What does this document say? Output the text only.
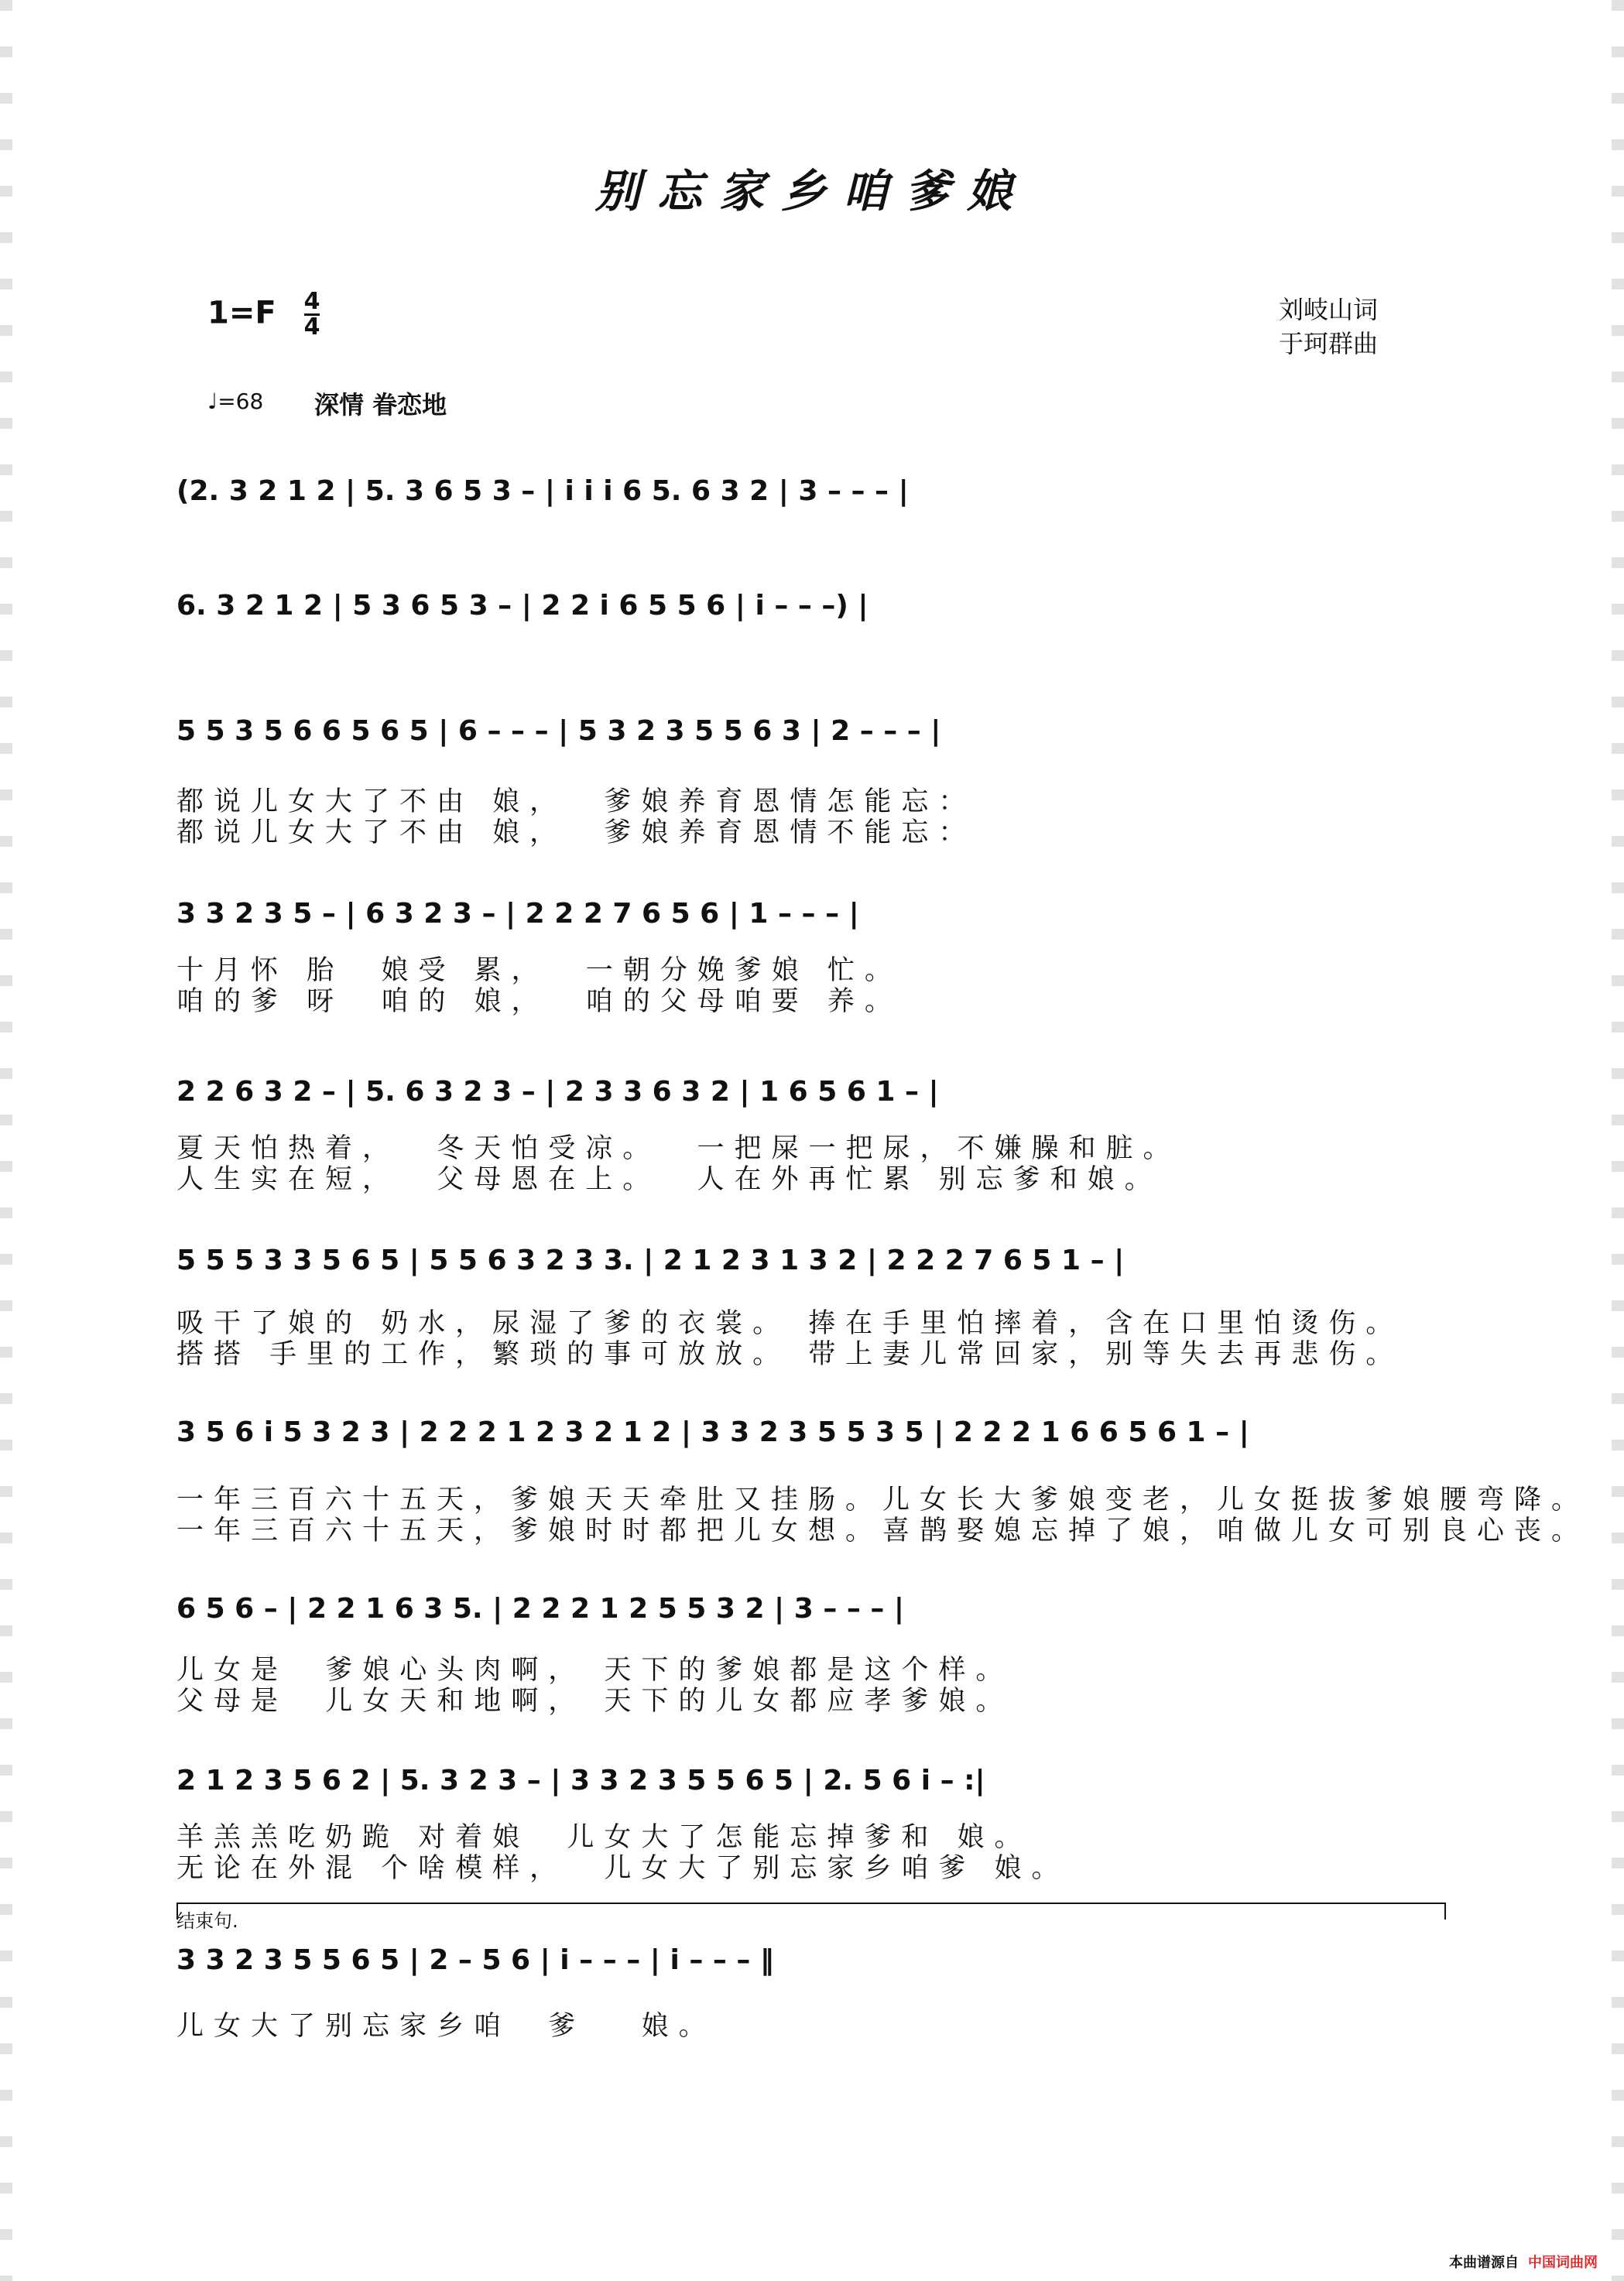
别忘家乡咱爹娘
$1=F \frac{4}{4}$	刘岐山词
于珂群曲
♩=68 深情 眷恋地
(2. 3 2 1 2 | 5. 3 6 5 3 – | i i i 6 5. 6 3 2 | 3 – – – |
6. 3 2 1 2 | 5 3 6 5 3 – | 2 2 i 6 5 5 6 | i – – –) |
5 5 3 5 6 6 5 6 5 | 6 – – – | 5 3 2 3 5 5 6 3 | 2 – – – |
都说儿女大了不由 娘，  爹娘养育恩情怎能忘：
都说儿女大了不由 娘，  爹娘养育恩情不能忘：
3 3 2 3 5 – | 6 3 2 3 – | 2 2 2 7 6 5 6 | 1 – – – |
十月怀 胎  娘受 累，  一朝分娩爹娘 忙。
咱的爹 呀  咱的 娘，  咱的父母咱要 养。
2 2 6 3 2 – | 5. 6 3 2 3 – | 2 3 3 6 3 2 | 1 6 5 6 1 – |
夏天怕热着，  冬天怕受凉。  一把屎一把尿，不嫌臊和脏。
人生实在短，  父母恩在上。  人在外再忙累 别忘爹和娘。
5 5 5 3 3 5 6 5 | 5 5 6 3 2 3 3. | 2 1 2 3 1 3 2 | 2 2 2 7 6 5 1 – |
吸干了娘的 奶水，尿湿了爹的衣裳。 捧在手里怕摔着，含在口里怕烫伤。
搭搭 手里的工作，繁琐的事可放放。 带上妻儿常回家，别等失去再悲伤。
3 5 6 i 5 3 2 3 | 2 2 2 1 2 3 2 1 2 | 3 3 2 3 5 5 3 5 | 2 2 2 1 6 6 5 6 1 – |
一年三百六十五天，爹娘天天牵肚又挂肠。儿女长大爹娘变老，儿女挺拔爹娘腰弯降。
一年三百六十五天，爹娘时时都把儿女想。喜鹊娶媳忘掉了娘，咱做儿女可别良心丧。
6 5 6 – | 2 2 1 6 3 5. | 2 2 2 1 2 5 5 3 2 | 3 – – – |
儿女是  爹娘心头肉啊， 天下的爹娘都是这个样。
父母是  儿女天和地啊， 天下的儿女都应孝爹娘。
2 1 2 3 5 6 2 | 5. 3 2 3 – | 3 3 2 3 5 5 6 5 | 2. 5 6 i – :|
羊羔羔吃奶跪 对着娘  儿女大了怎能忘掉爹和 娘。
无论在外混 个啥模样，  儿女大了别忘家乡咱爹 娘。
结束句.
3 3 2 3 5 5 6 5 | 2 – 5 6 | i – – – | i – – – ‖
儿女大了别忘家乡咱  爹   娘。
本曲谱源自 中国词曲网
